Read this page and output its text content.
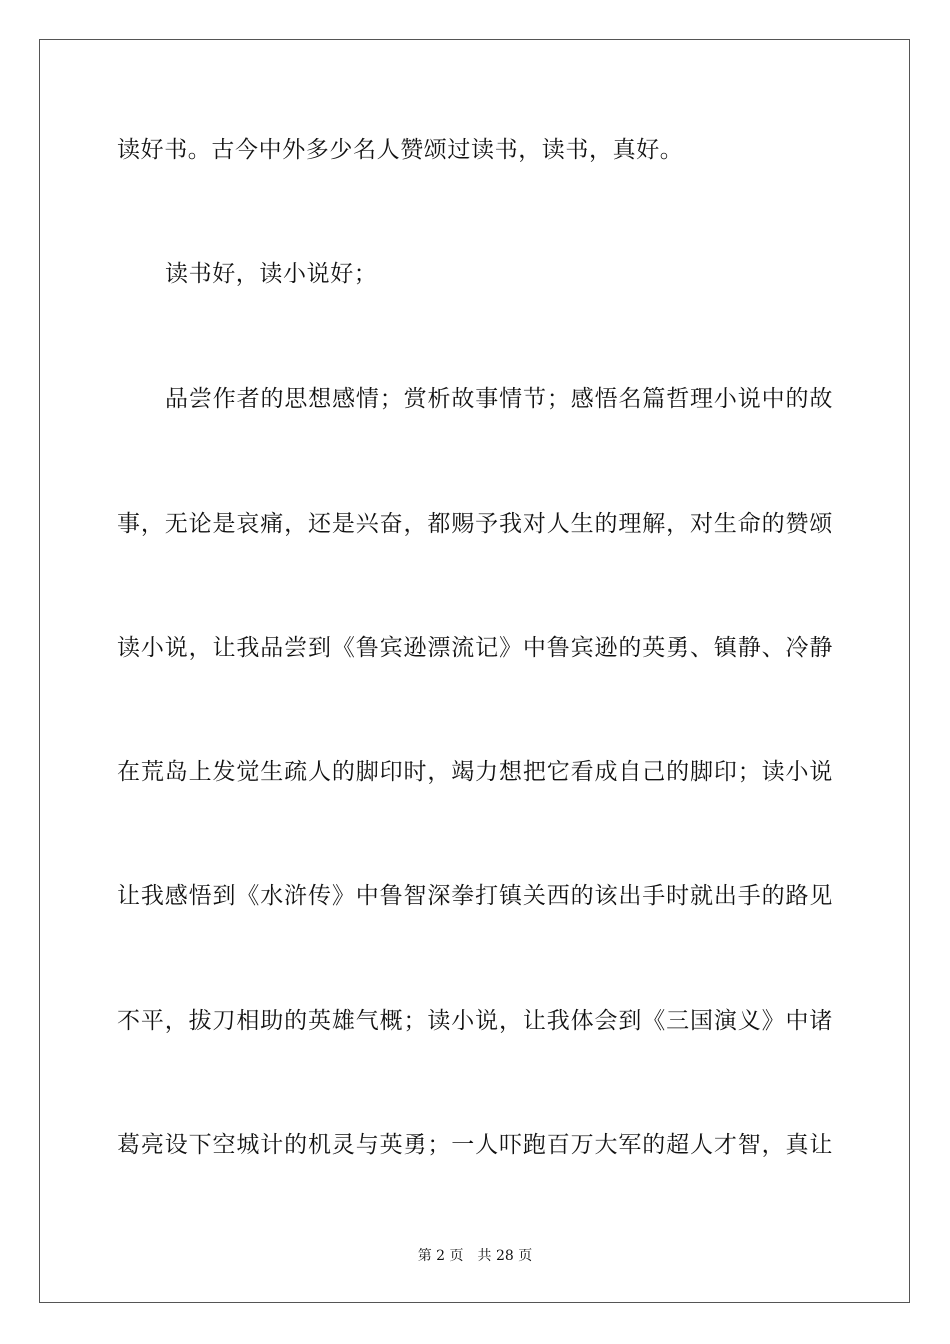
读好书。古今中外多少名人赞颂过读书，读书，真好。
读书好，读小说好；
品尝作者的思想感情；赏析故事情节；感悟名篇哲理小说中的故
事，无论是哀痛，还是兴奋，都赐予我对人生的理解，对生命的赞颂
读小说，让我品尝到《鲁宾逊漂流记》中鲁宾逊的英勇、镇静、冷静
在荒岛上发觉生疏人的脚印时，竭力想把它看成自己的脚印；读小说
让我感悟到《水浒传》中鲁智深拳打镇关西的该出手时就出手的路见
不平，拔刀相助的英雄气概；读小说，让我体会到《三国演义》中诸
葛亮设下空城计的机灵与英勇；一人吓跑百万大军的超人才智，真让
第 2 页 共 28 页
